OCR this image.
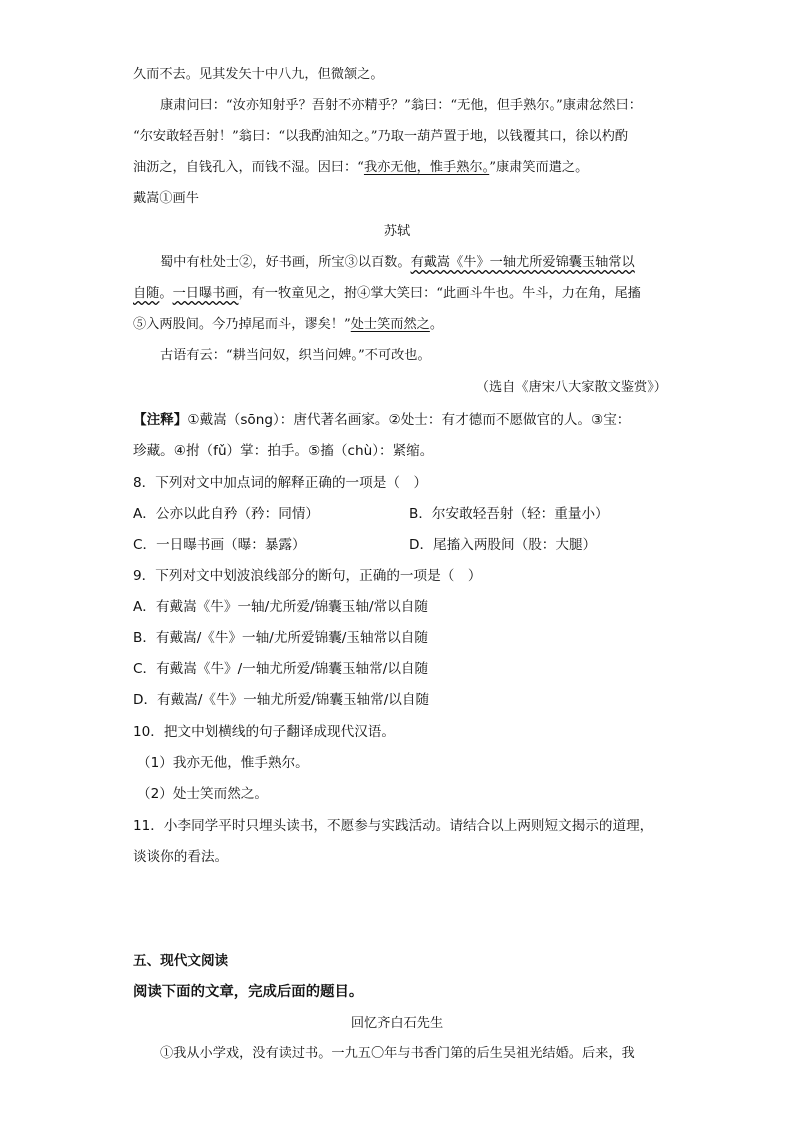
久而不去。见其发矢十中八九，但微颔之。
康肃问曰：“汝亦知射乎？吾射不亦精乎？”翁曰：“无他，但手熟尔。”康肃忿然曰：
“尔安敢轻吾射！”翁曰：“以我酌油知之。”乃取一葫芦置于地，以钱覆其口，徐以杓酌
油沥之，自钱孔入，而钱不湿。因曰：“我亦无他，惟手熟尔。”康肃笑而遣之。
戴嵩①画牛
苏轼
蜀中有杜处士②，好书画，所宝③以百数。有戴嵩《牛》一轴尤所爱锦囊玉轴常以
自随。一日曝书画，有一牧童见之，拊④掌大笑曰：“此画斗牛也。牛斗，力在角，尾搐
⑤入两股间。今乃掉尾而斗，谬矣！”处士笑而然之。
古语有云：“耕当问奴，织当问婢。”不可改也。
（选自《唐宋八大家散文鉴赏》）
【注释】①戴嵩（sōng）：唐代著名画家。②处士：有才德而不愿做官的人。③宝：
珍藏。④拊（fǔ）掌：拍手。⑤搐（chù）：紧缩。
8．下列对文中加点词的解释正确的一项是（　）
A．公亦以此自矜（矜：同情）	B．尔安敢轻吾射（轻：重量小）
C．一日曝书画（曝：暴露）	D．尾搐入两股间（股：大腿）
9．下列对文中划波浪线部分的断句，正确的一项是（　）
A．有戴嵩《牛》一轴/尤所爱/锦囊玉轴/常以自随
B．有戴嵩/《牛》一轴/尤所爱锦囊/玉轴常以自随
C．有戴嵩《牛》/一轴尤所爱/锦囊玉轴常/以自随
D．有戴嵩/《牛》一轴尤所爱/锦囊玉轴常/以自随
10．把文中划横线的句子翻译成现代汉语。
（1）我亦无他，惟手熟尔。
（2）处士笑而然之。
11．小李同学平时只埋头读书，不愿参与实践活动。请结合以上两则短文揭示的道理，
谈谈你的看法。
五、现代文阅读
阅读下面的文章，完成后面的题目。
回忆齐白石先生
①我从小学戏，没有读过书。一九五〇年与书香门第的后生吴祖光结婚。后来，我
